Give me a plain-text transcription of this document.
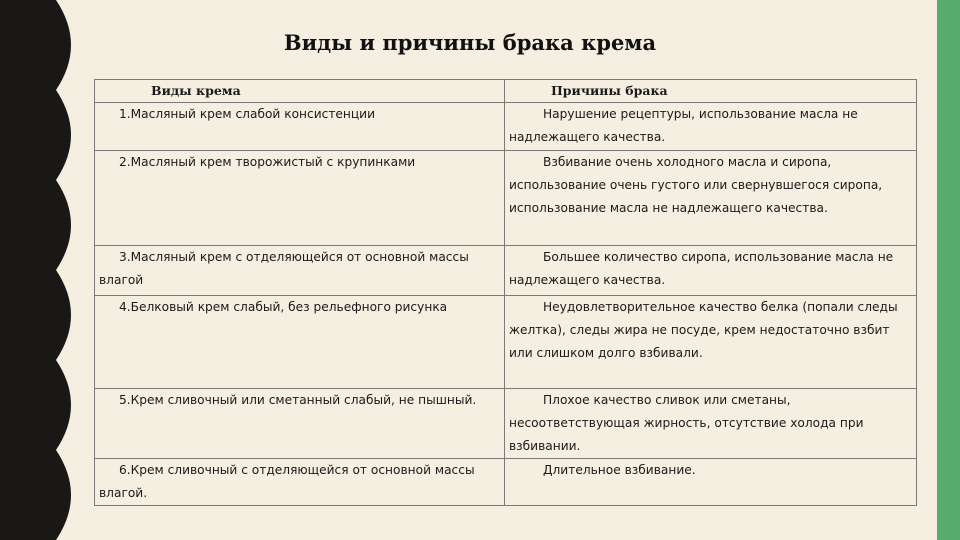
Виды и причины брака крема
Виды крема	Причины брака
1.Масляный крем слабой консистенции	Нарушение рецептуры, использование масла не надлежащего качества.
2.Масляный крем творожистый с крупинками	Взбивание очень холодного масла и сиропа, использование очень густого или свернувшегося сиропа, использование масла не надлежащего качества.
3.Масляный крем с отделяющейся от основной массы влагой	Большее количество сиропа, использование масла не надлежащего качества.
4.Белковый крем слабый, без рельефного рисунка	Неудовлетворительное качество белка (попали следы желтка), следы жира не посуде, крем недостаточно взбит или слишком долго взбивали.
5.Крем сливочный или сметанный слабый, не пышный.	Плохое качество сливок или сметаны, несоответствующая жирность, отсутствие холода при взбивании.
6.Крем сливочный с отделяющейся от основной массы влагой.	Длительное взбивание.
